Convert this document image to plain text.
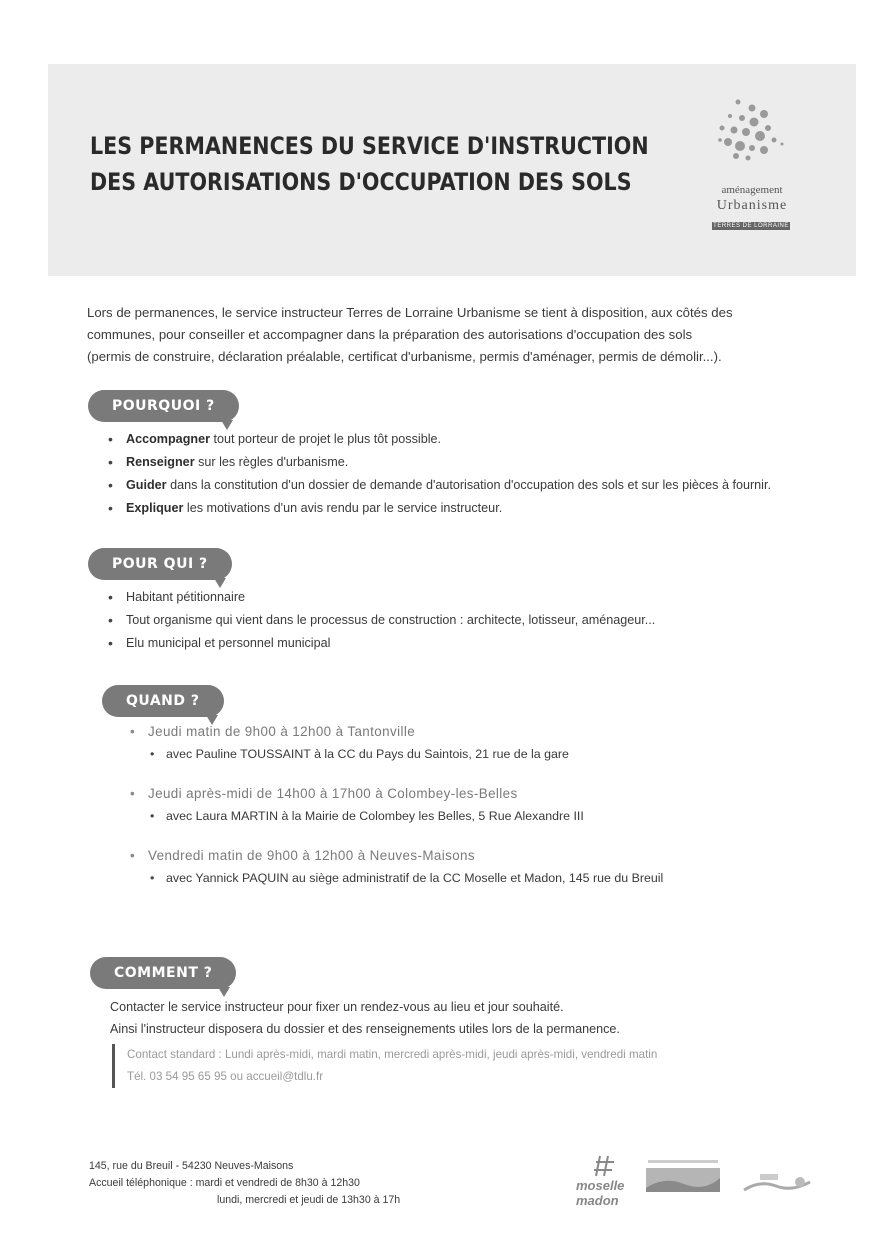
LES PERMANENCES DU SERVICE D'INSTRUCTION
DES AUTORISATIONS D'OCCUPATION DES SOLS	aménagement
Urbanisme
TERRES DE LORRAINE
Lors de permanences, le service instructeur Terres de Lorraine Urbanisme se tient à disposition, aux côtés des
communes, pour conseiller et accompagner dans la préparation des autorisations d'occupation des sols
(permis de construire, déclaration préalable, certificat d'urbanisme, permis d'aménager, permis de démolir...).
POURQUOI ?
• Accompagner tout porteur de projet le plus tôt possible.
• Renseigner sur les règles d'urbanisme.
• Guider dans la constitution d'un dossier de demande d'autorisation d'occupation des sols et sur les pièces à fournir.
• Expliquer les motivations d'un avis rendu par le service instructeur.
POUR QUI ?
• Habitant pétitionnaire
• Tout organisme qui vient dans le processus de construction : architecte, lotisseur, aménageur...
• Elu municipal et personnel municipal
QUAND ?
• Jeudi matin de 9h00 à 12h00 à Tantonville
• avec Pauline TOUSSAINT à la CC du Pays du Saintois, 21 rue de la gare
• Jeudi après-midi de 14h00 à 17h00 à Colombey-les-Belles
• avec Laura MARTIN à la Mairie de Colombey les Belles, 5 Rue Alexandre III
• Vendredi matin de 9h00 à 12h00 à Neuves-Maisons
• avec Yannick PAQUIN au siège administratif de la CC Moselle et Madon, 145 rue du Breuil
COMMENT ?
Contacter le service instructeur pour fixer un rendez-vous au lieu et jour souhaité.
Ainsi l'instructeur disposera du dossier et des renseignements utiles lors de la permanence.
Contact standard : Lundi après-midi, mardi matin, mercredi après-midi, jeudi après-midi, vendredi matin
Tél. 03 54 95 65 95 ou accueil@tdlu.fr
145, rue du Breuil - 54230 Neuves-Maisons
Accueil téléphonique : mardi et vendredi de 8h30 à 12h30
lundi, mercredi et jeudi de 13h30 à 17h
moselle madon
